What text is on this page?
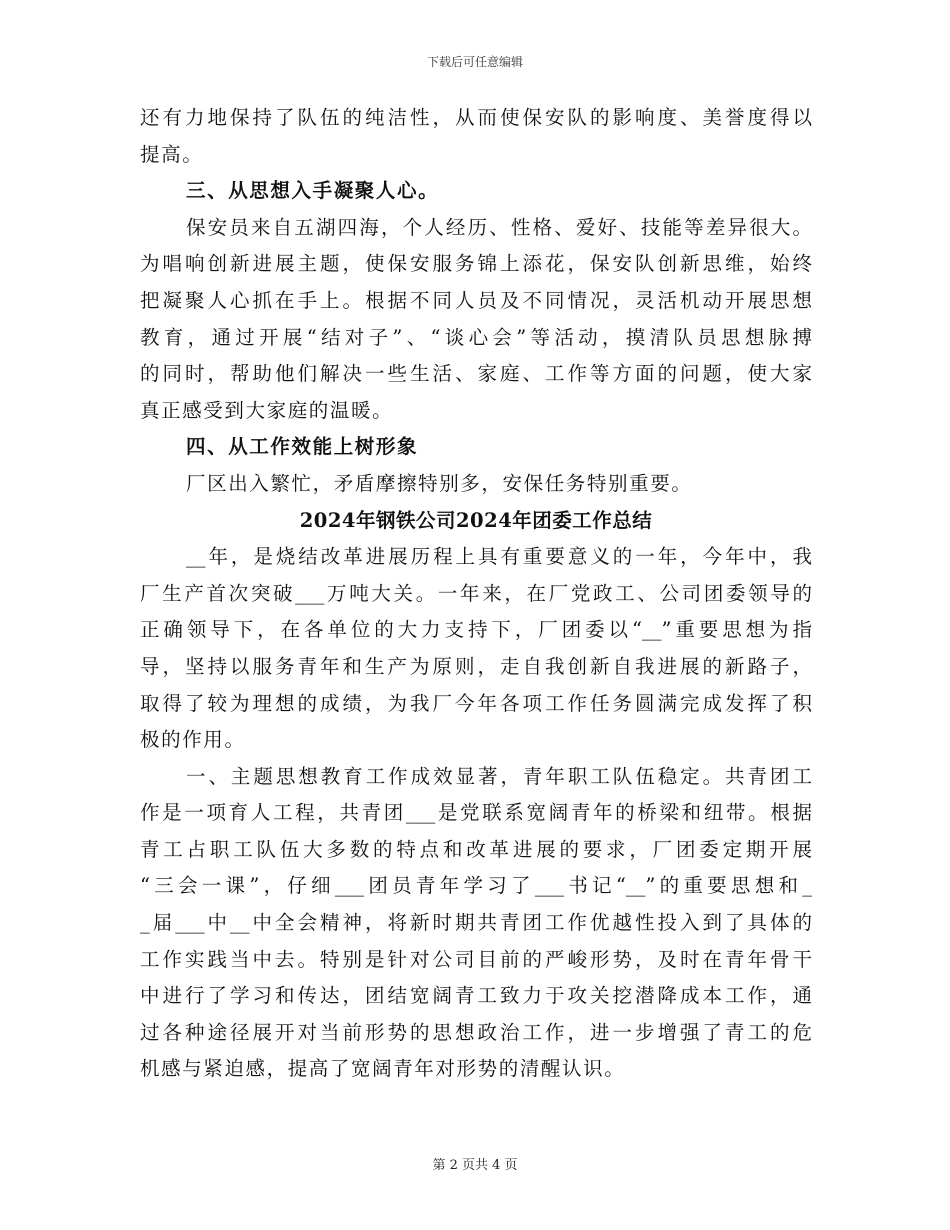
下载后可任意编辑
还有力地保持了队伍的纯洁性，从而使保安队的影响度、美誉度得以
提高。
三、从思想入手凝聚人心。
保安员来自五湖四海，个人经历、性格、爱好、技能等差异很大。
为唱响创新进展主题，使保安服务锦上添花，保安队创新思维，始终
把凝聚人心抓在手上。根据不同人员及不同情况，灵活机动开展思想
教育，通过开展“结对子”、“谈心会”等活动，摸清队员思想脉搏
的同时，帮助他们解决一些生活、家庭、工作等方面的问题，使大家
真正感受到大家庭的温暖。
四、从工作效能上树形象
厂区出入繁忙，矛盾摩擦特别多，安保任务特别重要。
2024年钢铁公司2024年团委工作总结
__年，是烧结改革进展历程上具有重要意义的一年，今年中，我
厂生产首次突破___万吨大关。一年来，在厂党政工、公司团委领导的
正确领导下，在各单位的大力支持下，厂团委以“__”重要思想为指
导，坚持以服务青年和生产为原则，走自我创新自我进展的新路子，
取得了较为理想的成绩，为我厂今年各项工作任务圆满完成发挥了积
极的作用。
一、主题思想教育工作成效显著，青年职工队伍稳定。共青团工
作是一项育人工程，共青团___是党联系宽阔青年的桥梁和纽带。根据
青工占职工队伍大多数的特点和改革进展的要求，厂团委定期开展
“三会一课”，仔细___团员青年学习了___书记“__”的重要思想和_
_届___中__中全会精神，将新时期共青团工作优越性投入到了具体的
工作实践当中去。特别是针对公司目前的严峻形势，及时在青年骨干
中进行了学习和传达，团结宽阔青工致力于攻关挖潜降成本工作，通
过各种途径展开对当前形势的思想政治工作，进一步增强了青工的危
机感与紧迫感，提高了宽阔青年对形势的清醒认识。
第 2 页共 4 页
